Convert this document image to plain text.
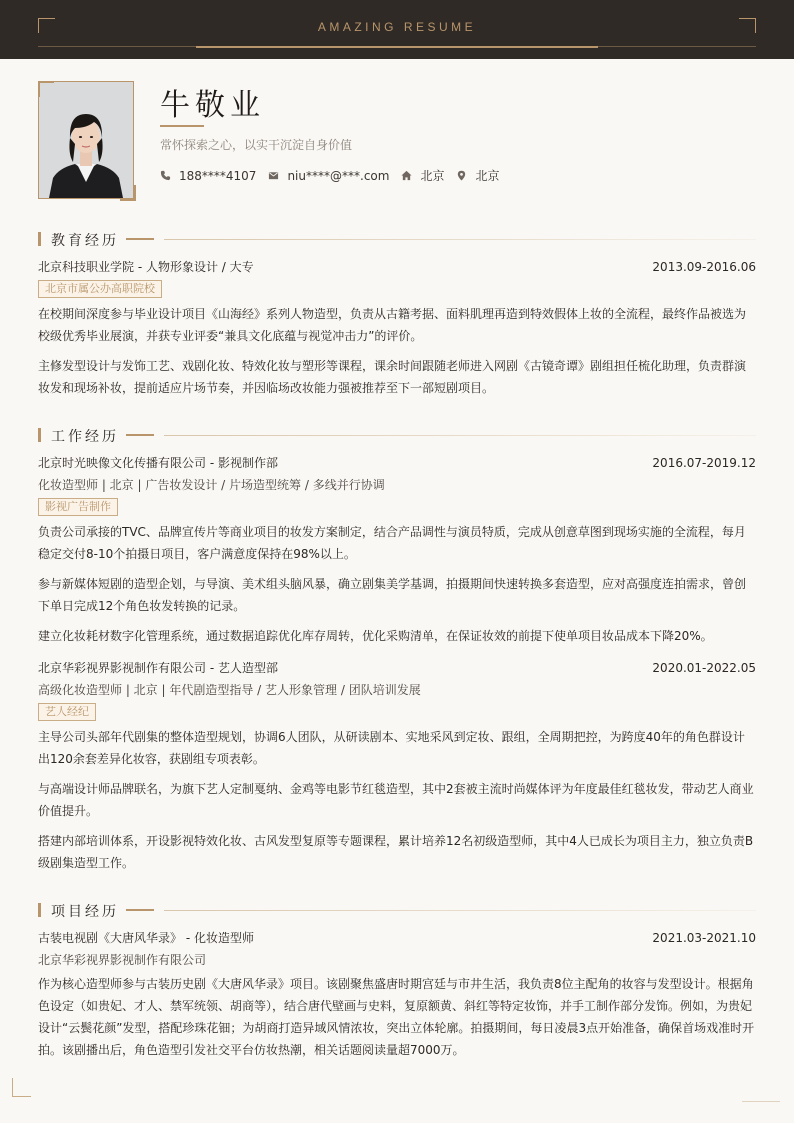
AMAZING RESUME
牛敬业
常怀探索之心，以实干沉淀自身价值
188****4107	niu****@***.com	北京	北京
教育经历
北京科技职业学院 - 人物形象设计 / 大专	2013.09-2016.06
北京市属公办高职院校

在校期间深度参与毕业设计项目《山海经》系列人物造型，负责从古籍考据、面料肌理再造到特效假体上妆的全流程，最终作品被选为校级优秀毕业展演，并获专业评委“兼具文化底蕴与视觉冲击力”的评价。

主修发型设计与发饰工艺、戏剧化妆、特效化妆与塑形等课程，课余时间跟随老师进入网剧《古镜奇谭》剧组担任梳化助理，负责群演妆发和现场补妆，提前适应片场节奏，并因临场改妆能力强被推荐至下一部短剧项目。

工作经历
北京时光映像文化传播有限公司 - 影视制作部	2016.07-2019.12
化妆造型师 | 北京 | 广告妆发设计 / 片场造型统筹 / 多线并行协调
影视广告制作

负责公司承接的TVC、品牌宣传片等商业项目的妆发方案制定，结合产品调性与演员特质，完成从创意草图到现场实施的全流程，每月稳定交付8-10个拍摄日项目，客户满意度保持在98%以上。

参与新媒体短剧的造型企划，与导演、美术组头脑风暴，确立剧集美学基调，拍摄期间快速转换多套造型，应对高强度连拍需求，曾创下单日完成12个角色妆发转换的记录。

建立化妆耗材数字化管理系统，通过数据追踪优化库存周转，优化采购清单，在保证妆效的前提下使单项目妆品成本下降20%。

北京华彩视界影视制作有限公司 - 艺人造型部	2020.01-2022.05
高级化妆造型师 | 北京 | 年代剧造型指导 / 艺人形象管理 / 团队培训发展
艺人经纪

主导公司头部年代剧集的整体造型规划，协调6人团队，从研读剧本、实地采风到定妆、跟组，全周期把控，为跨度40年的角色群设计出120余套差异化妆容，获剧组专项表彰。

与高端设计师品牌联名，为旗下艺人定制戛纳、金鸡等电影节红毯造型，其中2套被主流时尚媒体评为年度最佳红毯妆发，带动艺人商业价值提升。

搭建内部培训体系，开设影视特效化妆、古风发型复原等专题课程，累计培养12名初级造型师，其中4人已成长为项目主力，独立负责B级剧集造型工作。

项目经历
古装电视剧《大唐风华录》 - 化妆造型师	2021.03-2021.10
北京华彩视界影视制作有限公司

作为核心造型师参与古装历史剧《大唐风华录》项目。该剧聚焦盛唐时期宫廷与市井生活，我负责8位主配角的妆容与发型设计。根据角色设定（如贵妃、才人、禁军统领、胡商等），结合唐代壁画与史料，复原额黄、斜红等特定妆饰，并手工制作部分发饰。例如，为贵妃设计“云鬓花颜”发型，搭配珍珠花钿；为胡商打造异域风情浓妆，突出立体轮廓。拍摄期间，每日凌晨3点开始准备，确保首场戏准时开拍。该剧播出后，角色造型引发社交平台仿妆热潮，相关话题阅读量超7000万。
